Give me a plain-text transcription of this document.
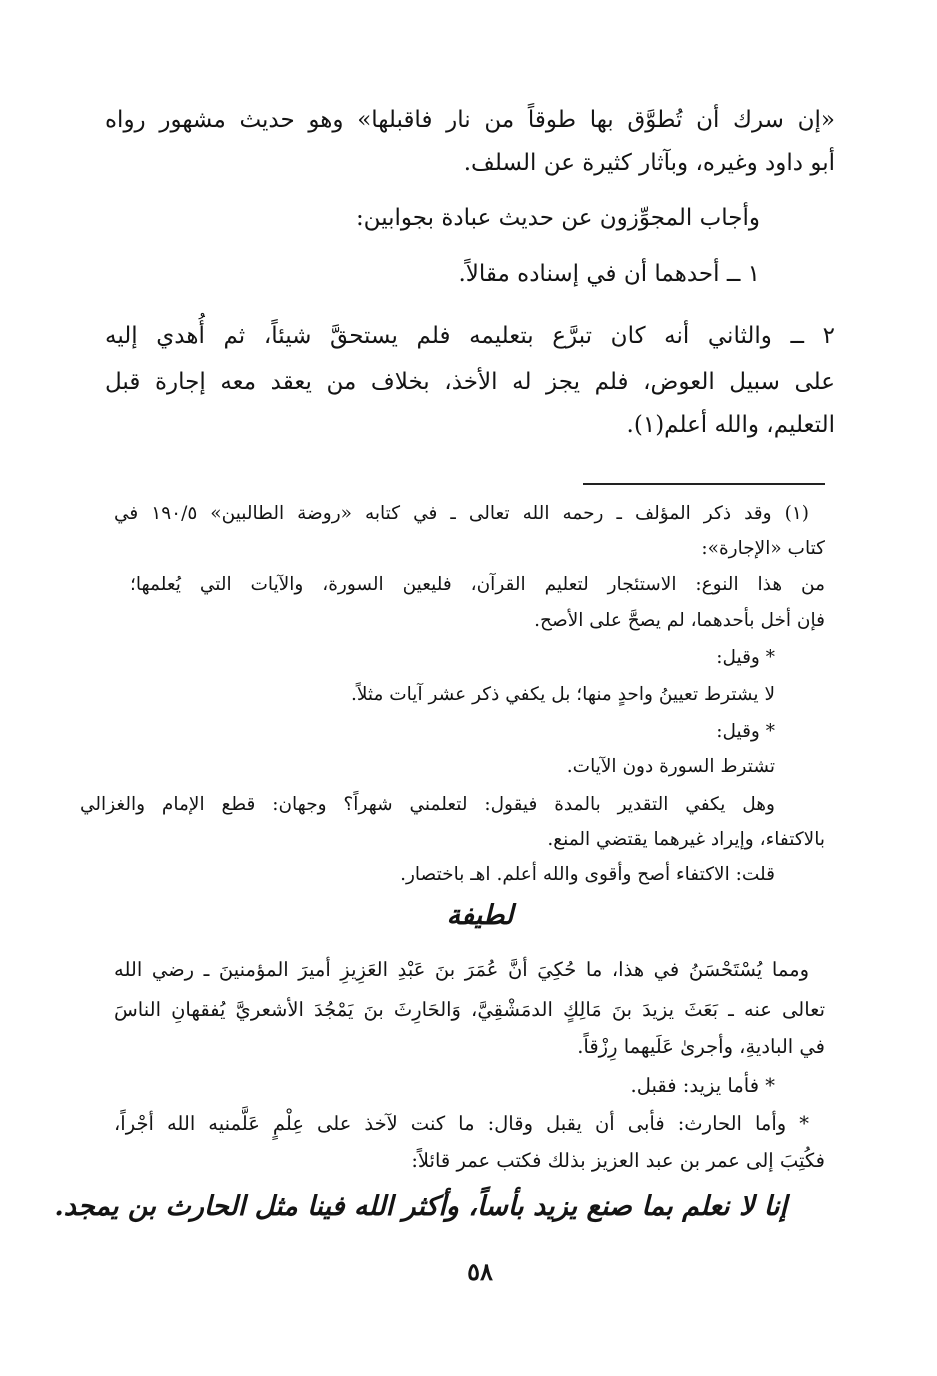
«إن سرك أن تُطوَّق بها طوقاً من نار فاقبلها» وهو حديث مشهور رواه
أبو داود وغيره، وبآثار كثيرة عن السلف.
وأجاب المجوِّزون عن حديث عبادة بجوابين:
١ ــ أحدهما أن في إسناده مقالاً.
٢ ــ والثاني أنه كان تبرَّع بتعليمه فلم يستحقَّ شيئاً، ثم أُهدي إليه
على سبيل العوض، فلم يجز له الأخذ، بخلاف من يعقد معه إجارة قبل
التعليم، والله أعلم(١).
(١) وقد ذكر المؤلف ـ رحمه الله تعالى ـ في كتابه «روضة الطالبين» ١٩٠/٥ في
كتاب «الإجارة»:
من هذا النوع: الاستئجار لتعليم القرآن، فليعين السورة، والآيات التي يُعلمها؛
فإن أخل بأحدهما، لم يصحَّ على الأصح.
* وقيل:
لا يشترط تعيينُ واحدٍ منها؛ بل يكفي ذكر عشر آيات مثلاً.
* وقيل:
تشترط السورة دون الآيات.
وهل يكفي التقدير بالمدة فيقول: لتعلمني شهراً؟ وجهان: قطع الإمام والغزالي
بالاكتفاء، وإيراد غيرهما يقتضي المنع.
قلت: الاكتفاء أصح وأقوى والله أعلم. اهـ باختصار.
لطيفة
ومما يُسْتَحْسَنُ في هذا، ما حُكِيَ أنَّ عُمَرَ بنَ عَبْدِ العَزِيزِ أميرَ المؤمنينَ ـ رضي الله
تعالى عنه ـ بَعَثَ يزيدَ بنَ مَالِكٍ الدمَشْقِيَّ، وَالحَارِثَ بنَ يَمْجُدَ الأشعريَّ يُفقهانِ الناسَ
في الباديةِ، وأجرىٰ عَلَيهما رِزْقاً.
* فأما يزيد: فقبل.
* وأما الحارث: فأبى أن يقبل وقال: ما كنت لآخذ على عِلْمٍ عَلَّمنيه الله أجْراً،
فكُتِبَ إلى عمر بن عبد العزيز بذلك فكتب عمر قائلاً:
إنا لا نعلم بما صنع يزيد بأساً، وأكثر الله فينا مثل الحارث بن يمجد.
٥٨
